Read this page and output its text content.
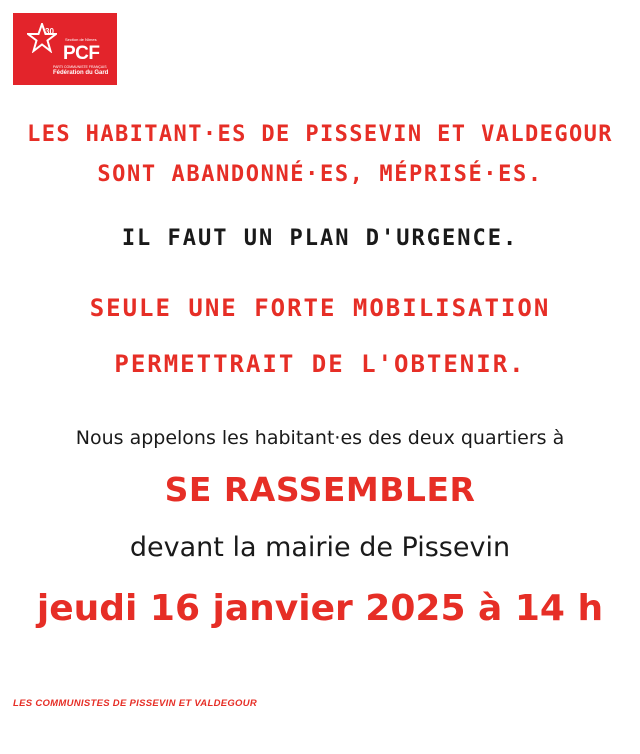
30
Section de Nîmes
PCF
PARTI COMMUNISTE FRANÇAIS
Fédération du Gard
LES HABITANT·ES DE PISSEVIN ET VALDEGOUR
SONT ABANDONNÉ·ES, MÉPRISÉ·ES.
IL FAUT UN PLAN D'URGENCE.
SEULE UNE FORTE MOBILISATION
PERMETTRAIT DE L'OBTENIR.
Nous appelons les habitant·es des deux quartiers à
SE RASSEMBLER
devant la mairie de Pissevin
jeudi 16 janvier 2025 à 14 h
LES COMMUNISTES DE PISSEVIN ET VALDEGOUR
